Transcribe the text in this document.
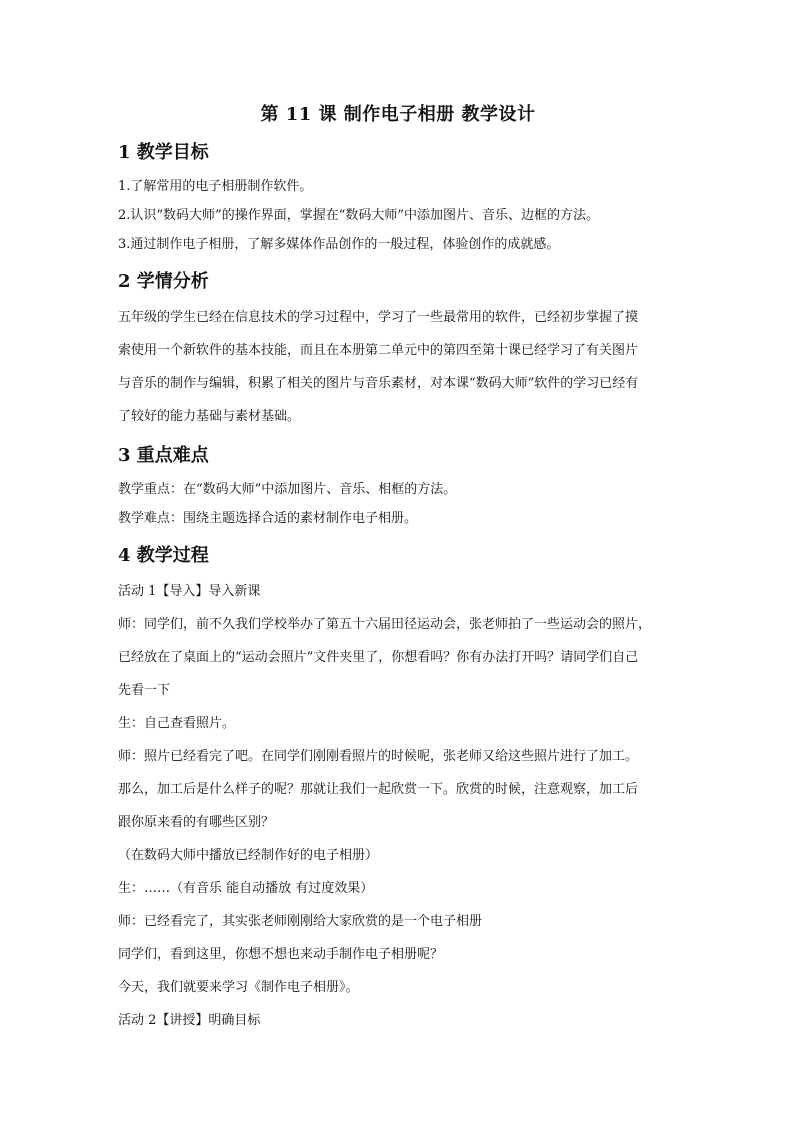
第 11 课 制作电子相册 教学设计
1 教学目标
1.了解常用的电子相册制作软件。
2.认识“数码大师”的操作界面，掌握在“数码大师”中添加图片、音乐、边框的方法。
3.通过制作电子相册，了解多媒体作品创作的一般过程，体验创作的成就感。
2 学情分析
五年级的学生已经在信息技术的学习过程中，学习了一些最常用的软件，已经初步掌握了摸
索使用一个新软件的基本技能，而且在本册第二单元中的第四至第十课已经学习了有关图片
与音乐的制作与编辑，积累了相关的图片与音乐素材，对本课“数码大师”软件的学习已经有
了较好的能力基础与素材基础。
3 重点难点
教学重点：在“数码大师”中添加图片、音乐、相框的方法。
教学难点：围绕主题选择合适的素材制作电子相册。
4 教学过程
活动 1【导入】导入新课
师：同学们，前不久我们学校举办了第五十六届田径运动会，张老师拍了一些运动会的照片，
已经放在了桌面上的“运动会照片”文件夹里了，你想看吗？你有办法打开吗？请同学们自己
先看一下
生：自己查看照片。
师：照片已经看完了吧。在同学们刚刚看照片的时候呢，张老师又给这些照片进行了加工。
那么，加工后是什么样子的呢？那就让我们一起欣赏一下。欣赏的时候，注意观察，加工后
跟你原来看的有哪些区别？
（在数码大师中播放已经制作好的电子相册）
生：……（有音乐 能自动播放 有过度效果）
师：已经看完了，其实张老师刚刚给大家欣赏的是一个电子相册
同学们，看到这里，你想不想也来动手制作电子相册呢？
今天，我们就要来学习《制作电子相册》。
活动 2【讲授】明确目标
